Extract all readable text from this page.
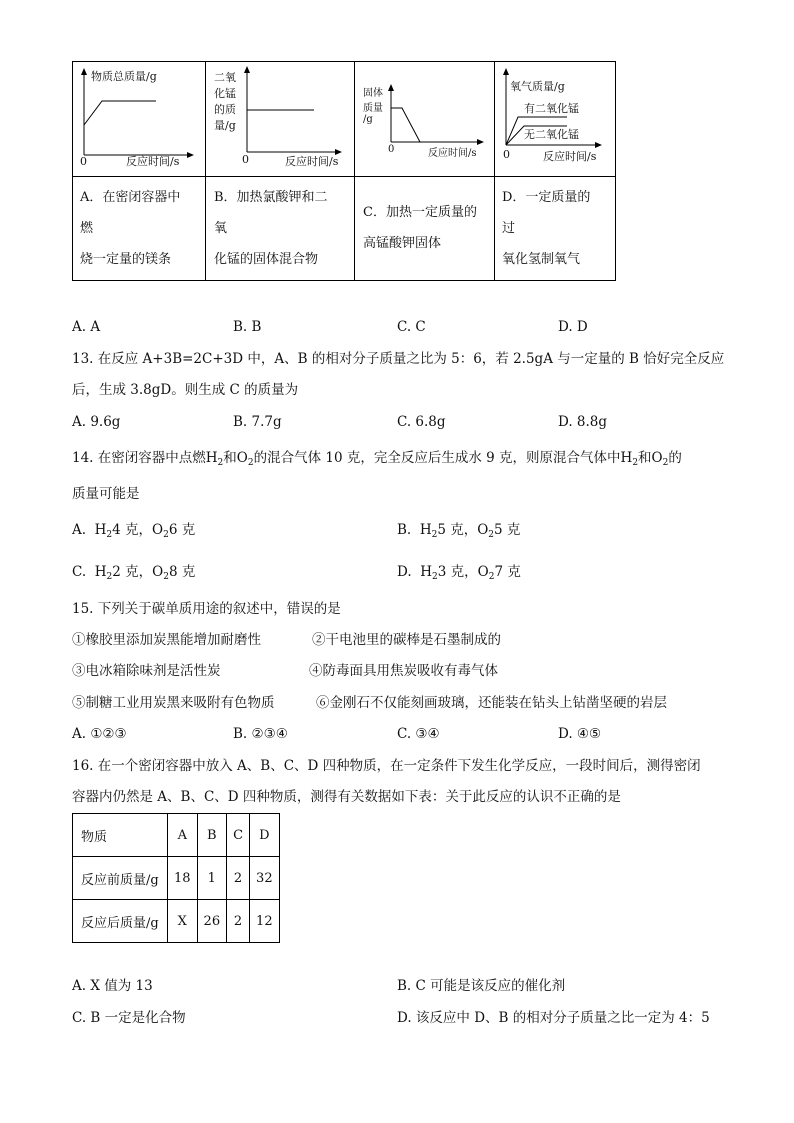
物质总质量/g
0	反应时间/s
二氧
化锰
的质
量/g
0	反应时间/s
固体
质量
/g
0	反应时间/s
氧气质量/g
有二氧化锰
无二氧化锰
0	反应时间/s
A．在密闭容器中
燃
烧一定量的镁条
B．加热氯酸钾和二
氧
化锰的固体混合物
C．加热一定质量的
高锰酸钾固体
D．一定质量的
过
氧化氢制氧气
A. A	B. B	C. C	D. D
13. 在反应 A+3B=2C+3D 中，A、B 的相对分子质量之比为 5：6，若 2.5gA 与一定量的 B 恰好完全反应
后，生成 3.8gD。则生成 C 的质量为
A. 9.6g	B. 7.7g	C. 6.8g	D. 8.8g
14. 在密闭容器中点燃$H_2$和$O_2$的混合气体 10 克，完全反应后生成水 9 克，则原混合气体中$H_2$和$O_2$的
质量可能是
A. $H_24$ 克，$O_26$ 克	B. $H_25$ 克，$O_25$ 克
C. $H_22$ 克，$O_28$ 克	D. $H_23$ 克，$O_27$ 克
15. 下列关于碳单质用途的叙述中，错误的是
①橡胶里添加炭黑能增加耐磨性	②干电池里的碳棒是石墨制成的
③电冰箱除味剂是活性炭	④防毒面具用焦炭吸收有毒气体
⑤制糖工业用炭黑来吸附有色物质	⑥金刚石不仅能刻画玻璃，还能装在钻头上钻凿坚硬的岩层
A. ①②③	B. ②③④	C. ③④	D. ④⑤
16. 在一个密闭容器中放入 A、B、C、D 四种物质，在一定条件下发生化学反应，一段时间后，测得密闭
容器内仍然是 A、B、C、D 四种物质，测得有关数据如下表：关于此反应的认识不正确的是
物质	A	B	C	D
反应前质量/g	18	1	2	32
反应后质量/g	X	26	2	12
A. X 值为 13	B. C 可能是该反应的催化剂
C. B 一定是化合物	D. 该反应中 D、B 的相对分子质量之比一定为 4：5
